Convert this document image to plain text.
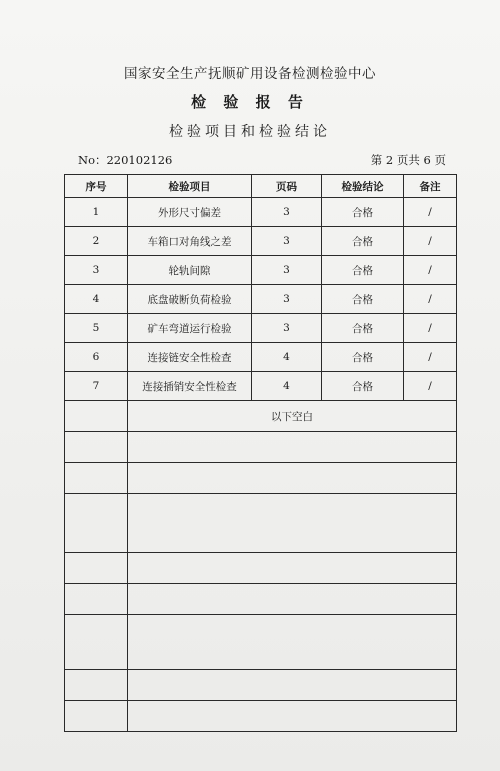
国家安全生产抚顺矿用设备检测检验中心
检 验 报 告
检验项目和检验结论
No：220102126	第 2 页共 6 页
序号	检验项目	页码	检验结论	备注
1	外形尺寸偏差	3	合格	/
2	车箱口对角线之差	3	合格	/
3	轮轨间隙	3	合格	/
4	底盘破断负荷检验	3	合格	/
5	矿车弯道运行检验	3	合格	/
6	连接链安全性检查	4	合格	/
7	连接插销安全性检查	4	合格	/
	以下空白			
